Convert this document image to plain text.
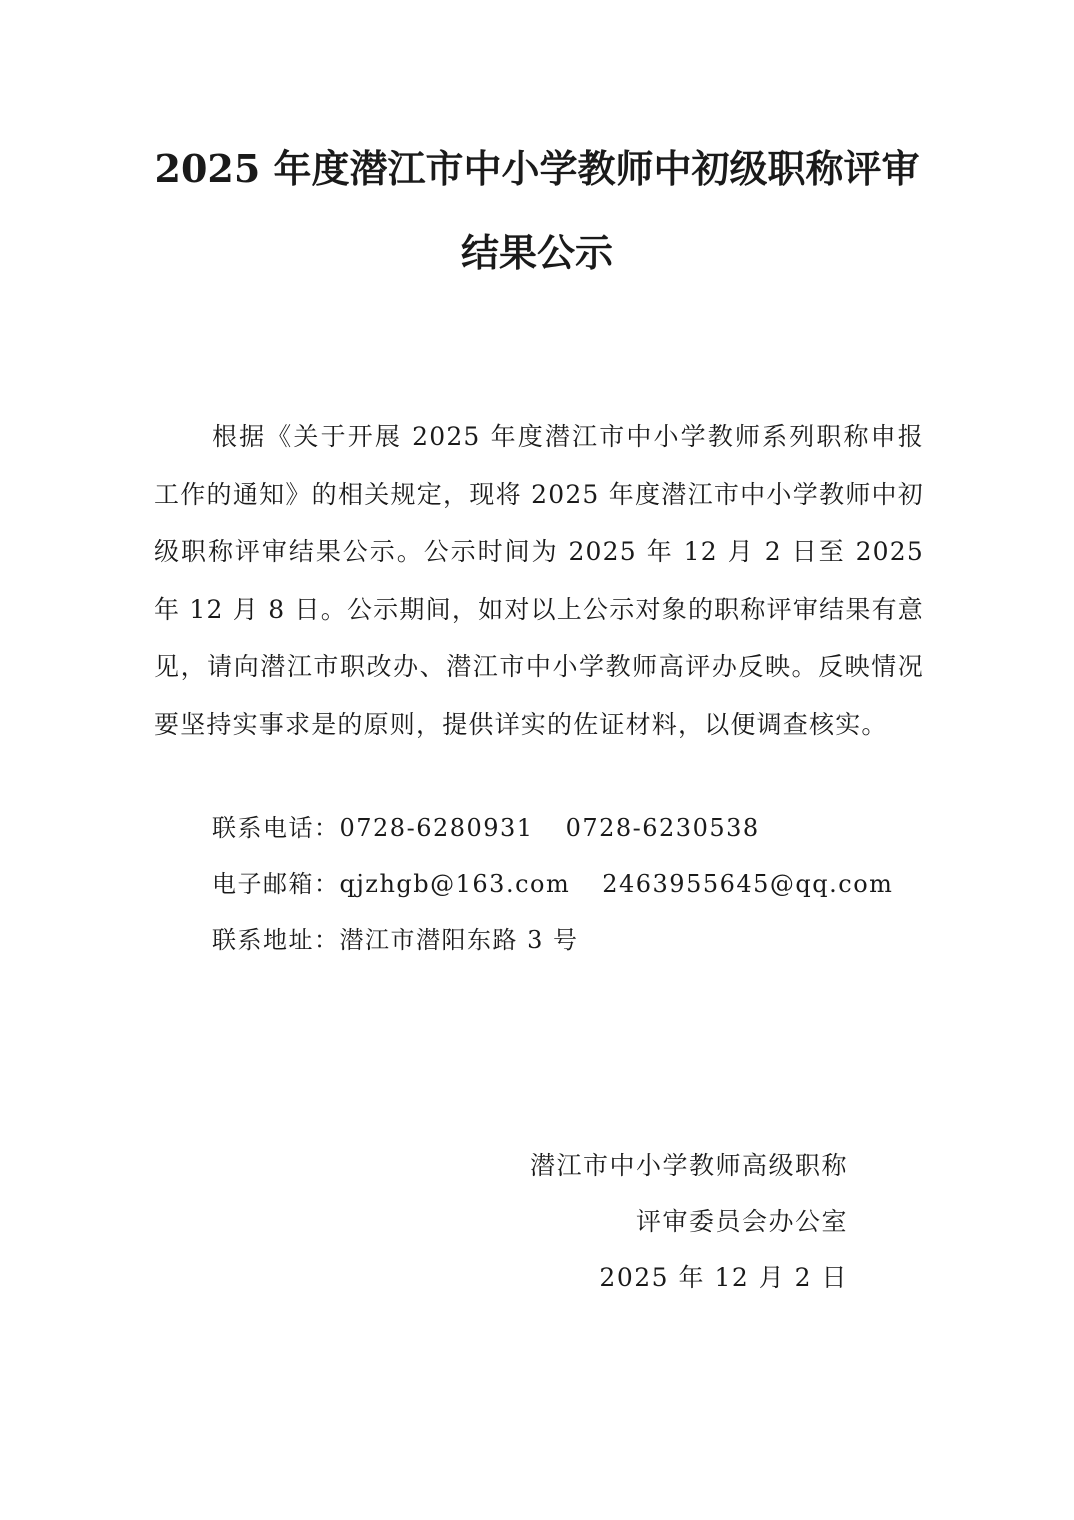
2025 年度潜江市中小学教师中初级职称评审
结果公示

根据《关于开展 2025 年度潜江市中小学教师系列职称申报工作的通知》的相关规定，现将 2025 年度潜江市中小学教师中初级职称评审结果公示。公示时间为 2025 年 12 月 2 日至 2025 年 12 月 8 日。公示期间，如对以上公示对象的职称评审结果有意见，请向潜江市职改办、潜江市中小学教师高评办反映。反映情况要坚持实事求是的原则，提供详实的佐证材料，以便调查核实。

联系电话：0728-6280931 0728-6230538
电子邮箱：qjzhgb@163.com 2463955645@qq.com
联系地址：潜江市潜阳东路 3 号
潜江市中小学教师高级职称
评审委员会办公室
2025 年 12 月 2 日
